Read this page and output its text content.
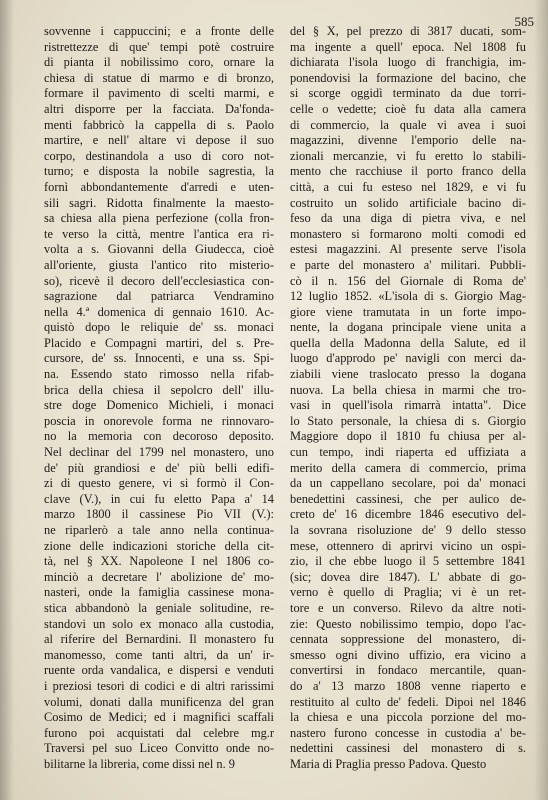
585
sovvenne i cappuccini; e a fronte delle
ristrettezze di que' tempi potè costruire
di pianta il nobilissimo coro, ornare la
chiesa di statue di marmo e di bronzo,
formare il pavimento di scelti marmi, e
altri disporre per la facciata. Da'fonda-
menti fabbricò la cappella di s. Paolo
martire, e nell' altare vi depose il suo
corpo, destinandola a uso di coro not-
turno; e disposta la nobile sagrestia, la
fornì abbondantemente d'arredi e uten-
sili sagri. Ridotta finalmente la maesto-
sa chiesa alla piena perfezione (colla fron-
te verso la città, mentre l'antica era ri-
volta a s. Giovanni della Giudecca, cioè
all'oriente, giusta l'antico rito misterio-
so), ricevè il decoro dell'ecclesiastica con-
sagrazione dal patriarca Vendramino
nella 4.ª domenica di gennaio 1610. Ac-
quistò dopo le reliquie de' ss. monaci
Placido e Compagni martiri, del s. Pre-
cursore, de' ss. Innocenti, e una ss. Spi-
na. Essendo stato rimosso nella rifab-
brica della chiesa il sepolcro dell' illu-
stre doge Domenico Michieli, i monaci
poscia in onorevole forma ne rinnovaro-
no la memoria con decoroso deposito.
Nel declinar del 1799 nel monastero, uno
de' più grandiosi e de' più belli edifi-
zi di questo genere, vi si formò il Con-
clave (V.), in cui fu eletto Papa a' 14
marzo 1800 il cassinese Pio VII (V.):
ne riparlerò a tale anno nella continua-
zione delle indicazioni storiche della cit-
tà, nel § XX. Napoleone I nel 1806 co-
minciò a decretare l' abolizione de' mo-
nasteri, onde la famiglia cassinese mona-
stica abbandonò la geniale solitudine, re-
standovi un solo ex monaco alla custodia,
al riferire del Bernardini. Il monastero fu
manomesso, come tanti altri, da un' ir-
ruente orda vandalica, e dispersi e venduti
i preziosi tesori di codici e di altri rarissimi
volumi, donati dalla munificenza del gran
Cosimo de Medici; ed i magnifici scaffali
furono poi acquistati dal celebre mg.r
Traversi pel suo Liceo Convitto onde no-
bilitarne la libreria, come dissi nel n. 9
del § X, pel prezzo di 3817 ducati, som-
ma ingente a quell' epoca. Nel 1808 fu
dichiarata l'isola luogo di franchigia, im-
ponendovisi la formazione del bacino, che
si scorge oggidì terminato da due torri-
celle o vedette; cioè fu data alla camera
di commercio, la quale vi avea i suoi
magazzini, divenne l'emporio delle na-
zionali mercanzie, vi fu eretto lo stabili-
mento che racchiuse il porto franco della
città, a cui fu esteso nel 1829, e vi fu
costruito un solido artificiale bacino di-
feso da una diga di pietra viva, e nel
monastero si formarono molti comodi ed
estesi magazzini. Al presente serve l'isola
e parte del monastero a' militari. Pubbli-
cò il n. 156 del Giornale di Roma de'
12 luglio 1852. «L'isola di s. Giorgio Mag-
giore viene tramutata in un forte impo-
nente, la dogana principale viene unita a
quella della Madonna della Salute, ed il
luogo d'approdo pe' navigli con merci da-
ziabili viene traslocato presso la dogana
nuova. La bella chiesa in marmi che tro-
vasi in quell'isola rimarrà intatta". Dice
lo Stato personale, la chiesa di s. Giorgio
Maggiore dopo il 1810 fu chiusa per al-
cun tempo, indi riaperta ed uffiziata a
merito della camera di commercio, prima
da un cappellano secolare, poi da' monaci
benedettini cassinesi, che per aulico de-
creto de' 16 dicembre 1846 esecutivo del-
la sovrana risoluzione de' 9 dello stesso
mese, ottennero di aprirvi vicino un ospi-
zio, il che ebbe luogo il 5 settembre 1841
(sic; dovea dire 1847). L' abbate di go-
verno è quello di Praglia; vi è un ret-
tore e un converso. Rilevo da altre noti-
zie: Questo nobilissimo tempio, dopo l'ac-
cennata soppressione del monastero, di-
smesso ogni divino uffizio, era vicino a
convertirsi in fondaco mercantile, quan-
do a' 13 marzo 1808 venne riaperto e
restituito al culto de' fedeli. Dipoi nel 1846
la chiesa e una piccola porzione del mo-
nastero furono concesse in custodia a' be-
nedettini cassinesi del monastero di s.
Maria di Praglia presso Padova. Questo
